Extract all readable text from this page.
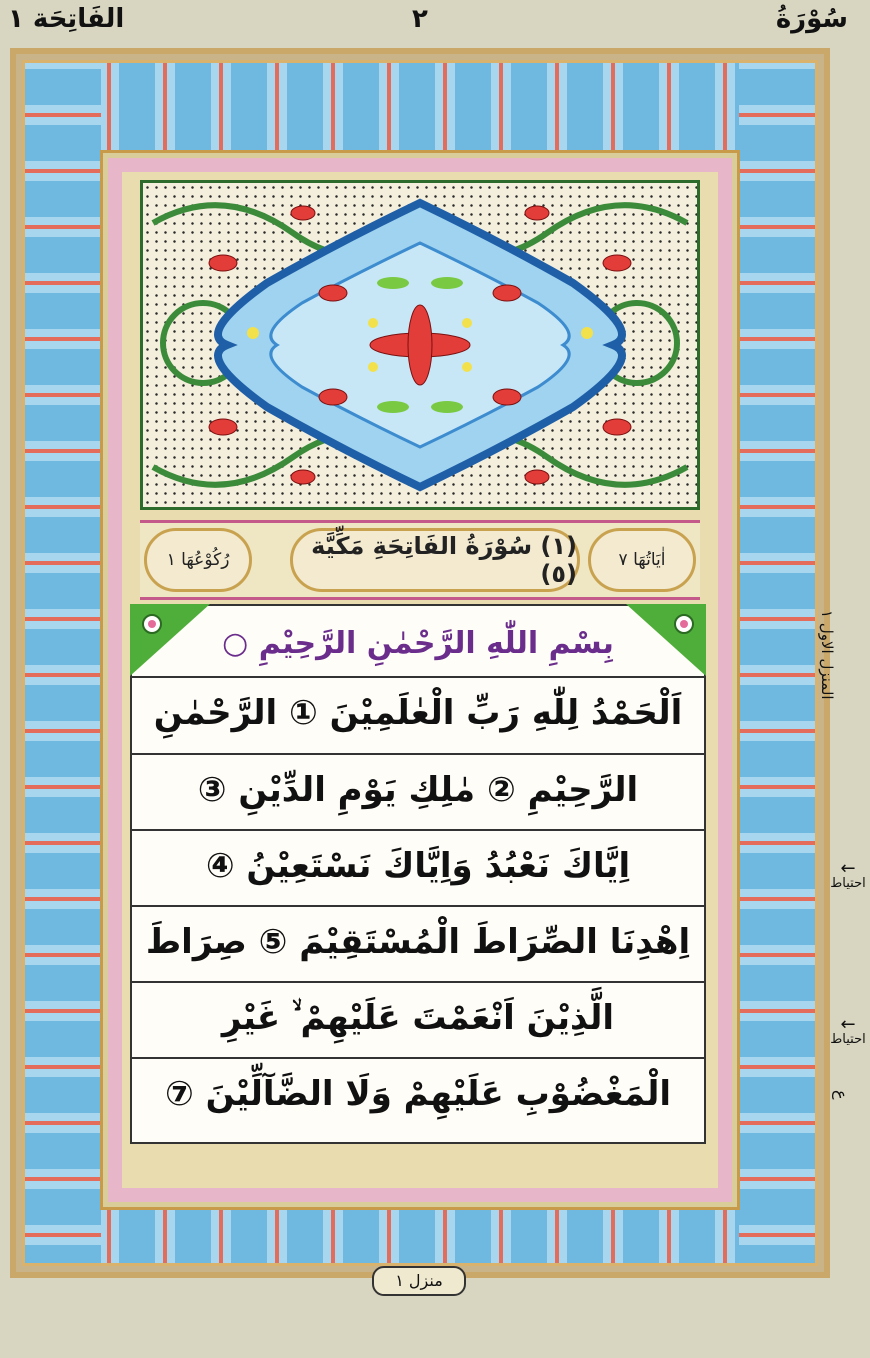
سُوْرَةُ
٢
الفَاتِحَة ١
(١) سُوْرَةُ الفَاتِحَةِ مَكِّيَّة (٥)	اٰيَاتُهَا ٧
رُكُوْعُهَا ١
بِسْمِ اللّٰهِ الرَّحْمٰنِ الرَّحِيْمِ ○
اَلْحَمْدُ لِلّٰهِ رَبِّ الْعٰلَمِيْنَ ① الرَّحْمٰنِ
الرَّحِيْمِ ② مٰلِكِ يَوْمِ الدِّيْنِ ③
اِيَّاكَ نَعْبُدُ وَاِيَّاكَ نَسْتَعِيْنُ ④
اِهْدِنَا الصِّرَاطَ الْمُسْتَقِيْمَ ⑤ صِرَاطَ
الَّذِيْنَ اَنْعَمْتَ عَلَيْهِمْ ۙ غَيْرِ
الْمَغْضُوْبِ عَلَيْهِمْ وَلَا الضَّآلِّيْنَ ⑦
المنزل الاول ١
←
احتياط
←
احتياط
ع
منزل ١
